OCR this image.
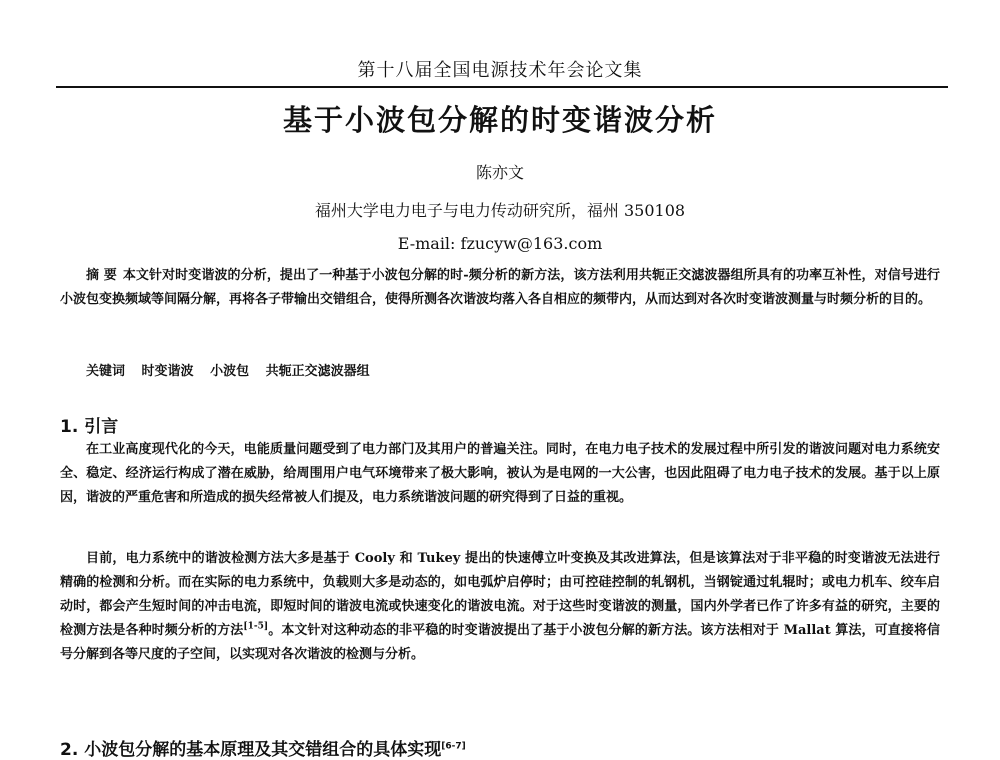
第十八届全国电源技术年会论文集
基于小波包分解的时变谐波分析
陈亦文
福州大学电力电子与电力传动研究所，福州 350108
E-mail: fzucyw@163.com
摘 要 本文针对时变谐波的分析，提出了一种基于小波包分解的时-频分析的新方法，该方法利用共轭正交滤波器组所具有的功率互补性，对信号进行小波包变换频域等间隔分解，再将各子带输出交错组合，使得所测各次谐波均落入各自相应的频带内，从而达到对各次时变谐波测量与时频分析的目的。
关键词 时变谐波 小波包 共轭正交滤波器组
1. 引言
在工业高度现代化的今天，电能质量问题受到了电力部门及其用户的普遍关注。同时，在电力电子技术的发展过程中所引发的谐波问题对电力系统安全、稳定、经济运行构成了潜在威胁，给周围用户电气环境带来了极大影响，被认为是电网的一大公害，也因此阻碍了电力电子技术的发展。基于以上原因，谐波的严重危害和所造成的损失经常被人们提及，电力系统谐波问题的研究得到了日益的重视。
目前，电力系统中的谐波检测方法大多是基于 Cooly 和 Tukey 提出的快速傅立叶变换及其改进算法，但是该算法对于非平稳的时变谐波无法进行精确的检测和分析。而在实际的电力系统中，负载则大多是动态的，如电弧炉启停时；由可控硅控制的轧钢机，当钢锭通过轧辊时；或电力机车、绞车启动时，都会产生短时间的冲击电流，即短时间的谐波电流或快速变化的谐波电流。对于这些时变谐波的测量，国内外学者已作了许多有益的研究，主要的检测方法是各种时频分析的方法[1-5]。本文针对这种动态的非平稳的时变谐波提出了基于小波包分解的新方法。该方法相对于 Mallat 算法，可直接将信号分解到各等尺度的子空间，以实现对各次谐波的检测与分析。
2. 小波包分解的基本原理及其交错组合的具体实现[6-7]
